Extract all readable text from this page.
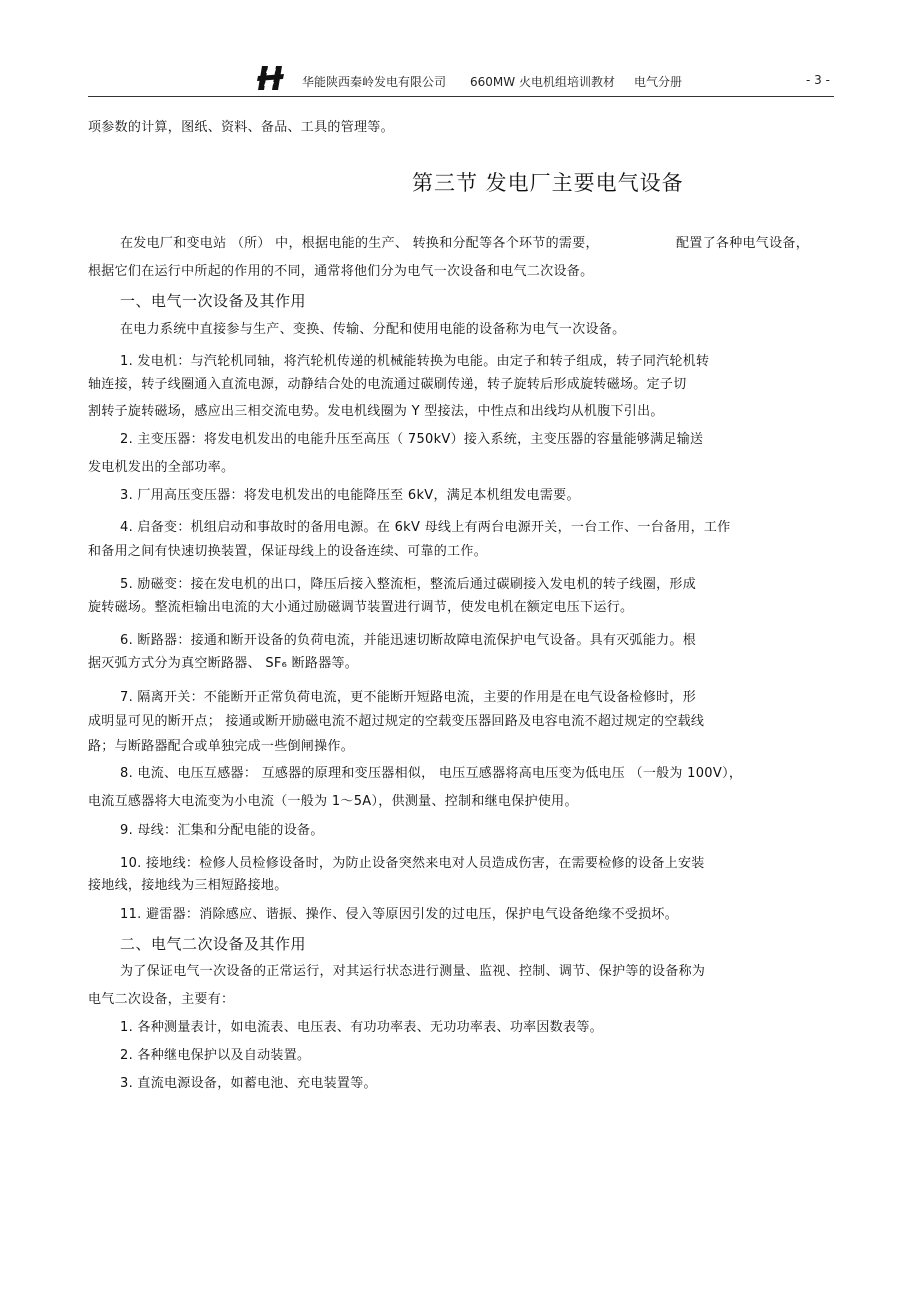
华能陕西秦岭发电有限公司 660MW 火电机组培训教材 电气分册	- 3 -
项参数的计算，图纸、资料、备品、工具的管理等。
第三节 发电厂主要电气设备
在发电厂和变电站 （所） 中，根据电能的生产、 转换和分配等各个环节的需要，	配置了各种电气设备，
根据它们在运行中所起的作用的不同，通常将他们分为电气一次设备和电气二次设备。
一、电气一次设备及其作用
在电力系统中直接参与生产、变换、传输、分配和使用电能的设备称为电气一次设备。
1. 发电机：与汽轮机同轴，将汽轮机传递的机械能转换为电能。由定子和转子组成，转子同汽轮机转
轴连接，转子线圈通入直流电源，动静结合处的电流通过碳刷传递，转子旋转后形成旋转磁场。定子切
割转子旋转磁场，感应出三相交流电势。发电机线圈为 Y 型接法，中性点和出线均从机腹下引出。
2. 主变压器：将发电机发出的电能升压至高压（ 750kV）接入系统，主变压器的容量能够满足输送
发电机发出的全部功率。
3. 厂用高压变压器：将发电机发出的电能降压至 6kV，满足本机组发电需要。
4. 启备变：机组启动和事故时的备用电源。在 6kV 母线上有两台电源开关，一台工作、一台备用，工作
和备用之间有快速切换装置，保证母线上的设备连续、可靠的工作。
5. 励磁变：接在发电机的出口，降压后接入整流柜，整流后通过碳刷接入发电机的转子线圈，形成
旋转磁场。整流柜输出电流的大小通过励磁调节装置进行调节，使发电机在额定电压下运行。
6. 断路器：接通和断开设备的负荷电流，并能迅速切断故障电流保护电气设备。具有灭弧能力。根
据灭弧方式分为真空断路器、 SF₆ 断路器等。
7. 隔离开关：不能断开正常负荷电流，更不能断开短路电流，主要的作用是在电气设备检修时，形
成明显可见的断开点； 接通或断开励磁电流不超过规定的空载变压器回路及电容电流不超过规定的空载线
路；与断路器配合或单独完成一些倒闸操作。
8. 电流、电压互感器： 互感器的原理和变压器相似， 电压互感器将高电压变为低电压 （一般为 100V），
电流互感器将大电流变为小电流（一般为 1～5A），供测量、控制和继电保护使用。
9. 母线：汇集和分配电能的设备。
10. 接地线：检修人员检修设备时，为防止设备突然来电对人员造成伤害，在需要检修的设备上安装
接地线，接地线为三相短路接地。
11. 避雷器：消除感应、谐振、操作、侵入等原因引发的过电压，保护电气设备绝缘不受损坏。
二、电气二次设备及其作用
为了保证电气一次设备的正常运行，对其运行状态进行测量、监视、控制、调节、保护等的设备称为
电气二次设备，主要有：
1. 各种测量表计，如电流表、电压表、有功功率表、无功功率表、功率因数表等。
2. 各种继电保护以及自动装置。
3. 直流电源设备，如蓄电池、充电装置等。
